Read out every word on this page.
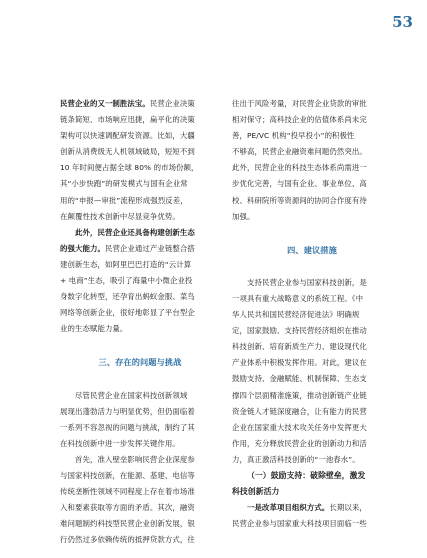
53

民营企业的又一制胜法宝。民营企业决策

链条简短、市场响应迅捷，扁平化的决策

架构可以快速调配研发资源。比如，大疆

创新从消费级无人机领域破局，短短不到

10 年时间便占据全球 80% 的市场份额，

其“小步快跑”的研发模式与国有企业常

用的“申报—审批”流程形成强烈反差，

在颠覆性技术创新中尽显竞争优势。

此外，民营企业还具备构建创新生态

的强大能力。民营企业通过产业链整合搭

建创新生态，如阿里巴巴打造的“云计算

+ 电商”生态，吸引了海量中小微企业投

身数字化转型，还孕育出蚂蚁金服、菜鸟

网络等创新企业，很好地彰显了平台型企

业的生态赋能力量。

三、存在的问题与挑战

尽管民营企业在国家科技创新领域

展现出蓬勃活力与明显优势，但仍面临着

一系列不容忽视的问题与挑战，制约了其

在科技创新中进一步发挥关键作用。

首先，准入壁垒影响民营企业深度参

与国家科技创新，在能源、基建、电信等

传统垄断性领域不同程度上存在着市场准

入和要素获取等方面的矛盾。其次，融资

难问题制约科技型民营企业创新发展，银

行仍然过多依赖传统的抵押贷款方式，往

往出于风险考量，对民营企业贷款的审批

相对保守；高科技企业的估值体系尚未完

善，PE/VC 机构“投早投小”的积极性

不够高，民营企业融资难问题仍然突出。

此外，民营企业的科技生态体系尚需进一

步优化完善，与国有企业、事业单位、高

校、科研院所等资源间的协同合作度有待

加强。

四、建议措施

支持民营企业参与国家科技创新，是

一项具有重大战略意义的系统工程。《中

华人民共和国民营经济促进法》明确规

定，国家鼓励、支持民营经济组织在推动

科技创新、培育新质生产力、建设现代化

产业体系中积极发挥作用。对此，建议在

鼓励支持、金融赋能、机制保障、生态支

撑四个层面精准施策，推动创新链产业链

资金链人才链深度融合，让有能力的民营

企业在国家重大技术攻关任务中发挥更大

作用，充分释放民营企业的创新动力和活

力，真正激活科技创新的“一池春水”。

（一）鼓励支持：破除壁垒，激发

科技创新活力

一是改革项目组织方式。长期以来，

民营企业参与国家重大科技项目面临一些
